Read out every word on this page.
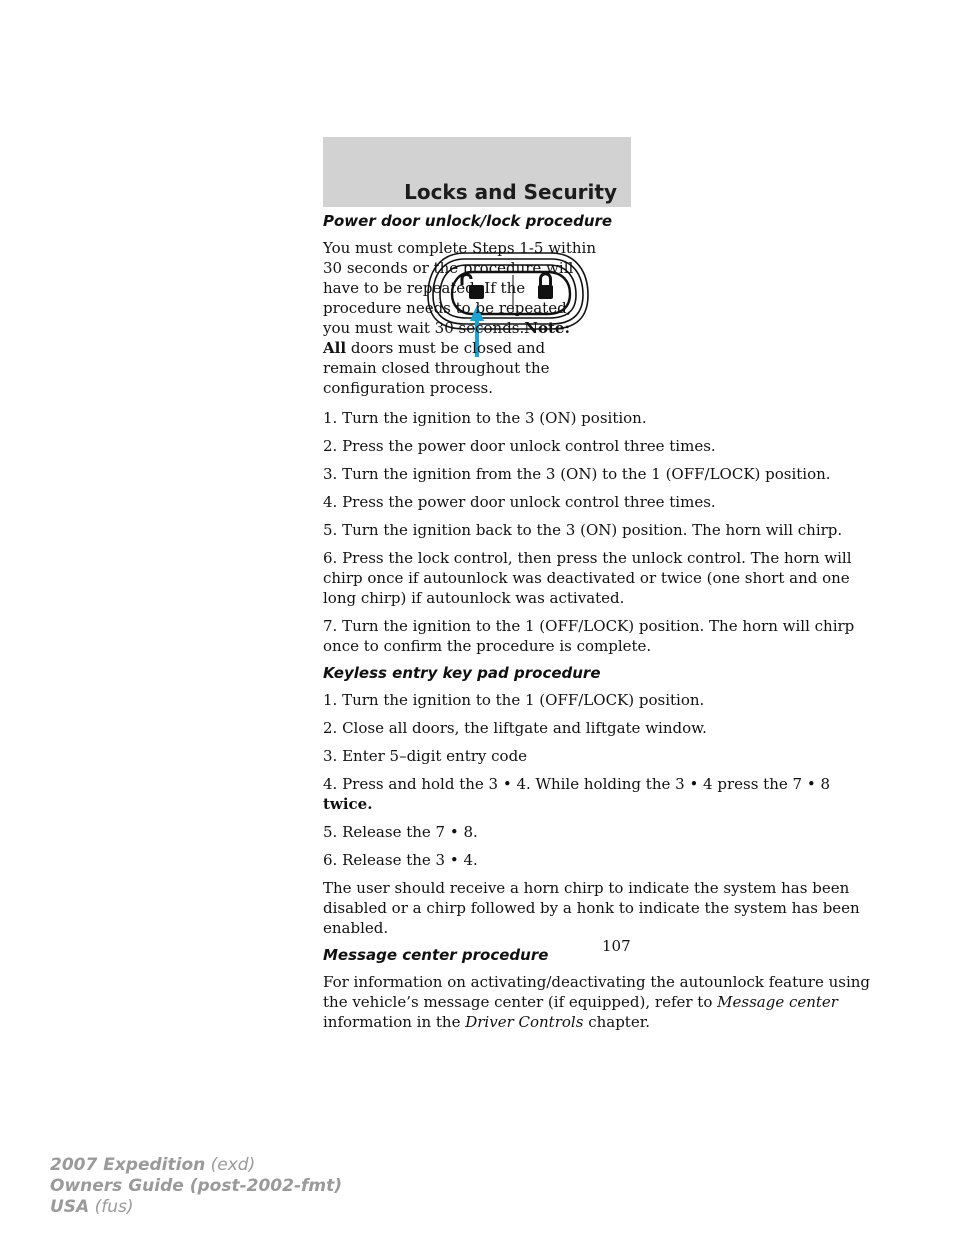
Locks and Security
Power door unlock/lock procedure
You must complete Steps 1-5 within
30 seconds or the procedure will
have to be repeated. If the
procedure needs to be repeated,
you must wait 30 seconds.Note:
All doors must be closed and
remain closed throughout the
configuration process.
1. Turn the ignition to the 3 (ON) position.
2. Press the power door unlock control three times.
3. Turn the ignition from the 3 (ON) to the 1 (OFF/LOCK) position.
4. Press the power door unlock control three times.
5. Turn the ignition back to the 3 (ON) position. The horn will chirp.
6. Press the lock control, then press the unlock control. The horn will
chirp once if autounlock was deactivated or twice (one short and one
long chirp) if autounlock was activated.
7. Turn the ignition to the 1 (OFF/LOCK) position. The horn will chirp
once to confirm the procedure is complete.
Keyless entry key pad procedure
1. Turn the ignition to the 1 (OFF/LOCK) position.
2. Close all doors, the liftgate and liftgate window.
3. Enter 5–digit entry code
4. Press and hold the 3 • 4. While holding the 3 • 4 press the 7 • 8
twice.
5. Release the 7 • 8.
6. Release the 3 • 4.
The user should receive a horn chirp to indicate the system has been
disabled or a chirp followed by a honk to indicate the system has been
enabled.
Message center procedure
For information on activating/deactivating the autounlock feature using
the vehicle’s message center (if equipped), refer to Message center
information in the Driver Controls chapter.
107
2007 Expedition (exd)
Owners Guide (post-2002-fmt)
USA (fus)
